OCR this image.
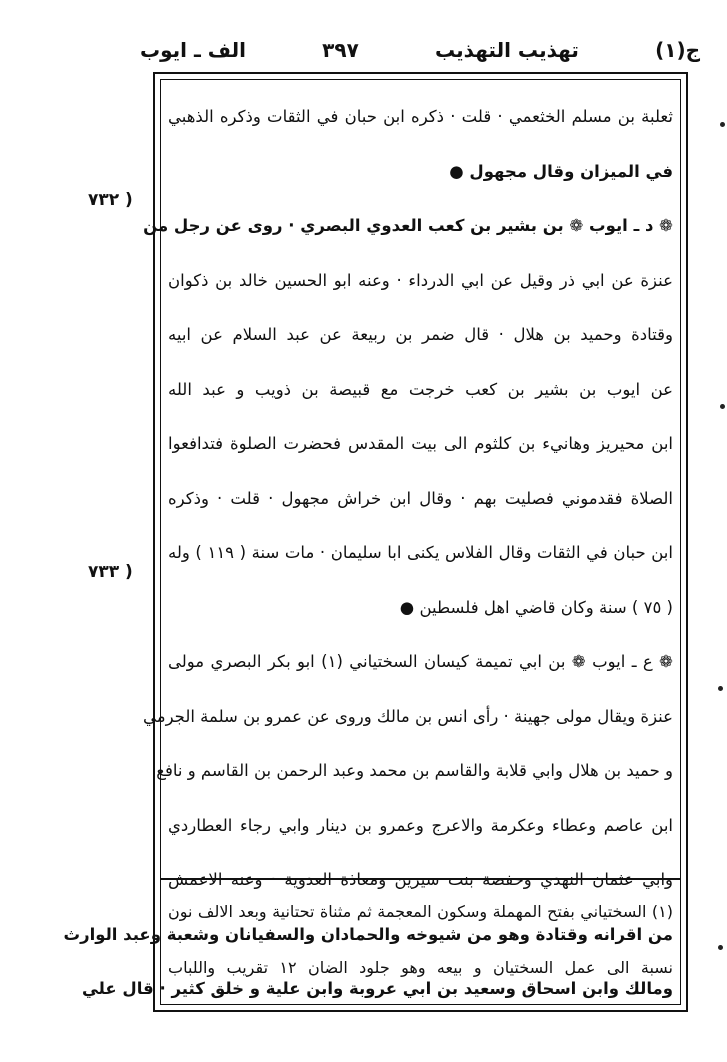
ج(١)
تهذيب التهذيب
٣٩٧
الف ـ ايوب
( ٧٣٢
( ٧٣٣
ثعلبة بن مسلم الخثعمي · قلت · ذكره ابن حبان في الثقات وذكره الذهبي
في الميزان وقال مجهول ●
❁ د ـ ايوب ❁ بن بشير بن كعب العدوي البصري · روى عن رجل من
عنزة عن ابي ذر وقيل عن ابي الدرداء · وعنه ابو الحسين خالد بن ذكوان
وقتادة وحميد بن هلال · قال ضمر بن ربيعة عن عبد السلام عن ابيه
عن ايوب بن بشير بن كعب خرجت مع قبيصة بن ذويب و عبد الله
ابن محيريز وهانيء بن كلثوم الى بيت المقدس فحضرت الصلوة فتدافعوا
الصلاة فقدموني فصليت بهم · وقال ابن خراش مجهول · قلت · وذكره
ابن حبان في الثقات وقال الفلاس يكنى ابا سليمان · مات سنة ( ١١٩ ) وله
( ٧٥ ) سنة وكان قاضي اهل فلسطين ●
❁ ع ـ ايوب ❁ بن ابي تميمة كيسان السختياني (١) ابو بكر البصري مولى
عنزة ويقال مولى جهينة · رأى انس بن مالك وروى عن عمرو بن سلمة الجرمي
و حميد بن هلال وابي قلابة والقاسم بن محمد وعبد الرحمن بن القاسم و نافع
ابن عاصم وعطاء وعكرمة والاعرج وعمرو بن دينار وابي رجاء العطاردي
وابي عثمان النهدي وحفصة بنت سيرين ومعاذة العدوية · وعنه الاعمش
من اقرانه وقتادة وهو من شيوخه والحمادان والسفيانان وشعبة وعبد الوارث
ومالك وابن اسحاق وسعيد بن ابي عروبة وابن علية و خلق كثير · قال علي
(١) السختياني بفتح المهملة وسكون المعجمة ثم مثناة تحتانية وبعد الالف نون
نسبة الى عمل السختيان و بيعه وهو جلود الضان ١٢ تقريب واللباب
